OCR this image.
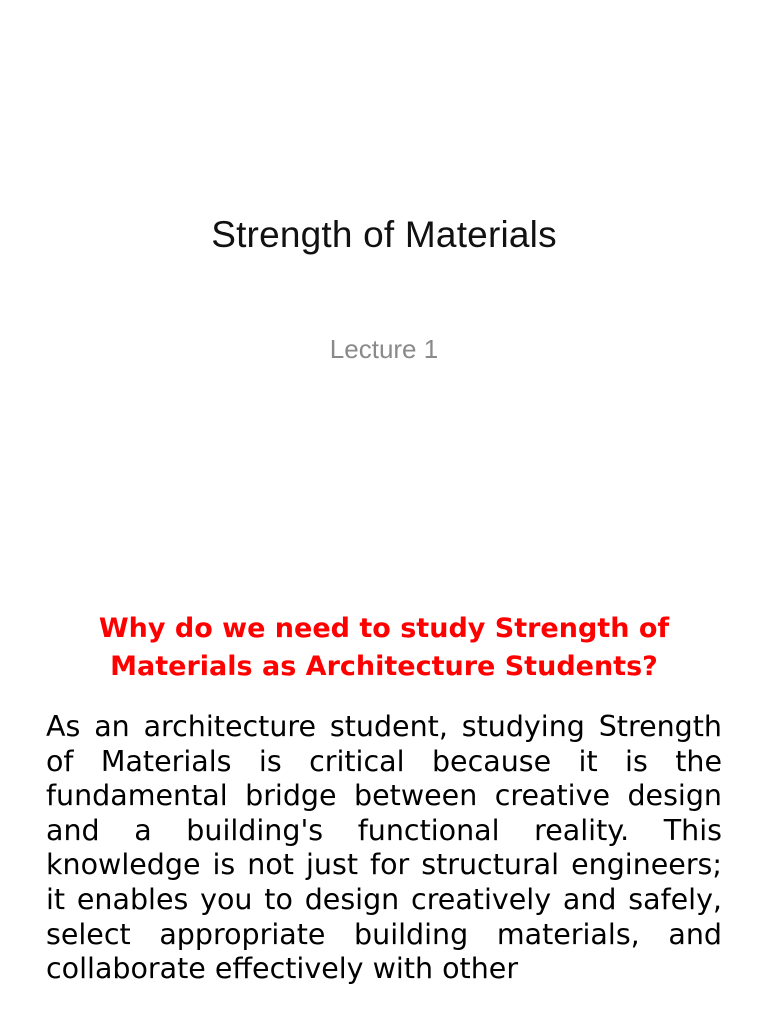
Strength of Materials
Lecture 1
Why do we need to study Strength of Materials as Architecture Students?
As an architecture student, studying Strength of Materials is critical because it is the fundamental bridge between creative design and a building's functional reality. This knowledge is not just for structural engineers; it enables you to design creatively and safely, select appropriate building materials, and collaborate effectively with other
